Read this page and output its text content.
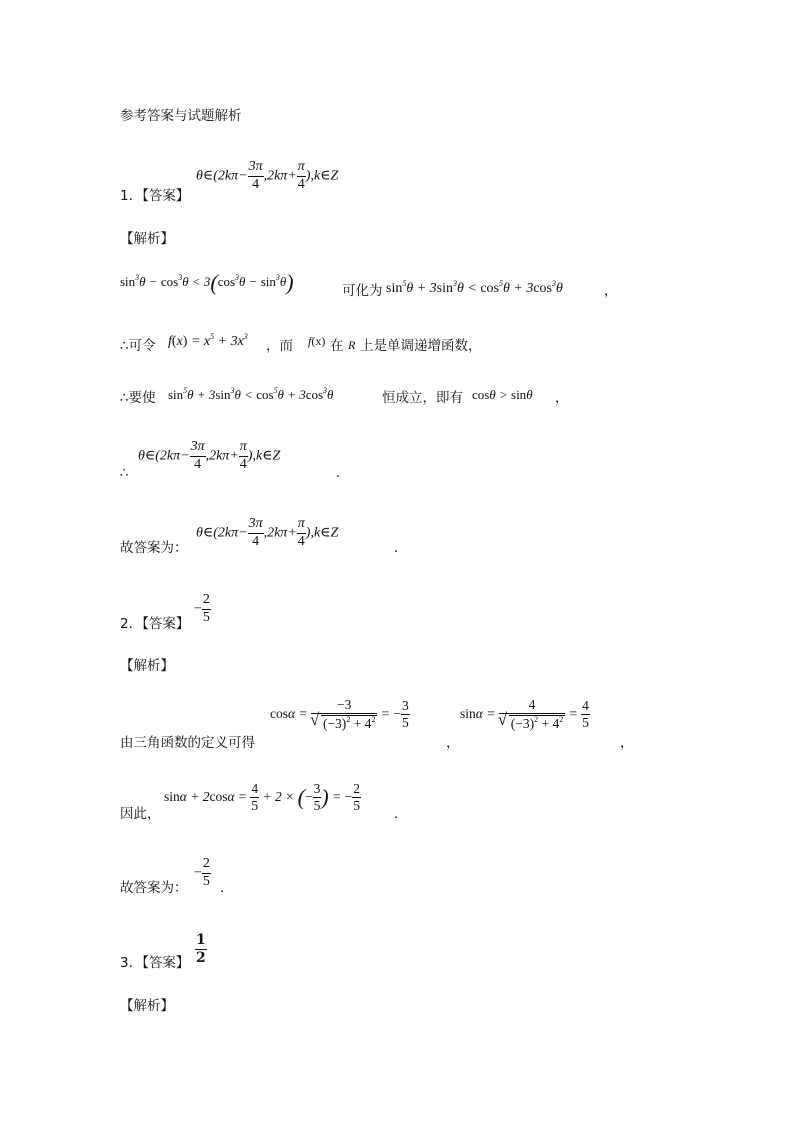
参考答案与试题解析
1．【答案】
θ∈(2kπ− $\frac{3\pi}{4} ,2k\pi+ \frac{\pi}{4}$ ),k∈Z
【解析】
$\sin^3\theta - \cos^3\theta < 3(\cos^3\theta - \sin^3\theta)$	可化为 $\sin^5\theta + 3\sin^3\theta < \cos^5\theta + 3\cos^3\theta$	，
∴可令 $f(x) = x^5 + 3x^3$
，而 f(x) 在 R 上是单调递增函数，
∴要使 $\sin^5\theta + 3\sin^3\theta < \cos^5\theta + 3\cos^3\theta$	恒成立，即有 cosθ > sinθ ，
∴
θ∈(2kπ− $\frac{3\pi}{4} ,2k\pi+ \frac{\pi}{4}$ ),k∈Z
.
故答案为：
θ∈(2kπ− $\frac{3\pi}{4} ,2k\pi+ \frac{\pi}{4}$ ),k∈Z
.
2．【答案】
− $\frac{2}{5}$
【解析】
由三角函数的定义可得
cosα = −3
√ $(-3)^2 + 4^2$ = − $\frac{3}{5}$
，
sinα = 4
√ $(-3)^2 + 4^2 = \frac{4}{5}$
，
因此，
$\sin\alpha + 2\cos\alpha = \frac{4}{5} + 2$ × (− $\frac{3}{5}$ ) = − $\frac{2}{5}$
.
故答案为：
− $\frac{2}{5}$ .
3．【答案】 $\frac{1}{2}$
【解析】
